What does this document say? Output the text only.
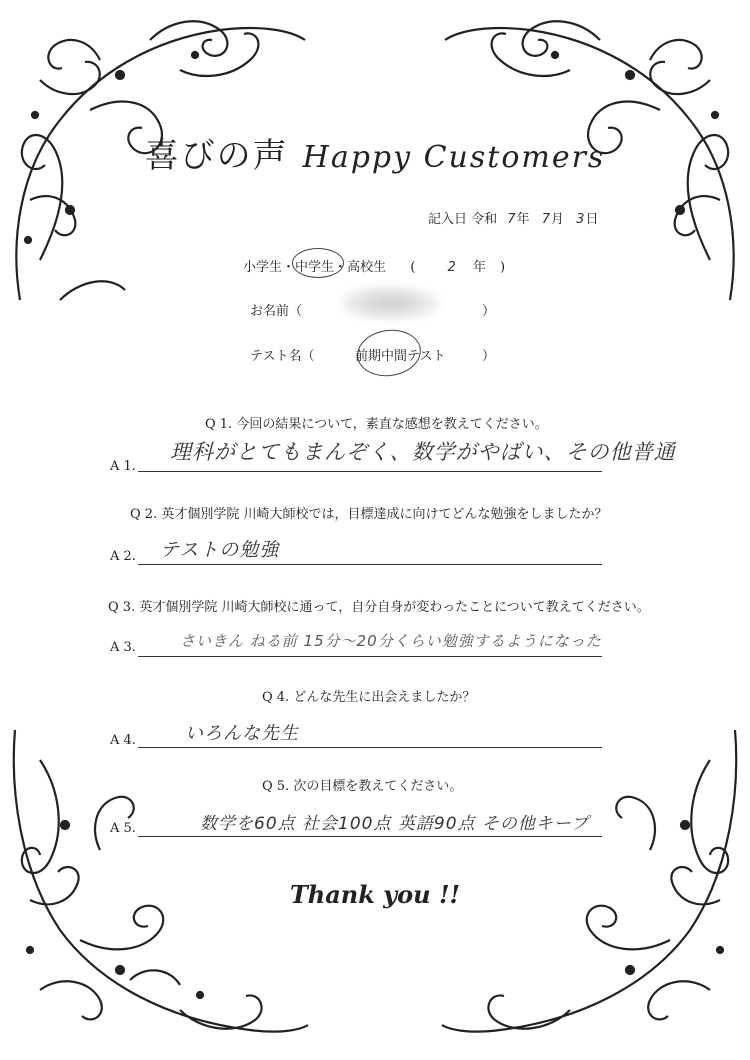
喜びの声 Happy Customers
記入日 令和 7年 7月 3日
小学生・中学生・高校生 ( 2 年 )
お名前（	）
テスト名（	前期中間テスト	）
Q 1. 今回の結果について，素直な感想を教えてください。
A 1.
理科がとてもまんぞく、数学がやばい、その他普通
Q 2. 英才個別学院 川崎大師校では，目標達成に向けてどんな勉強をしましたか？
A 2. テストの勉強
Q 3. 英才個別学院 川崎大師校に通って，自分自身が変わったことについて教えてください。
A 3.	さいきん ねる前 15分〜20分くらい勉強するようになった
Q 4. どんな先生に出会えましたか？
A 4.	いろんな先生
Q 5. 次の目標を教えてください。
A 5.	数学を60点 社会100点 英語90点 その他キープ
Thank you !!
